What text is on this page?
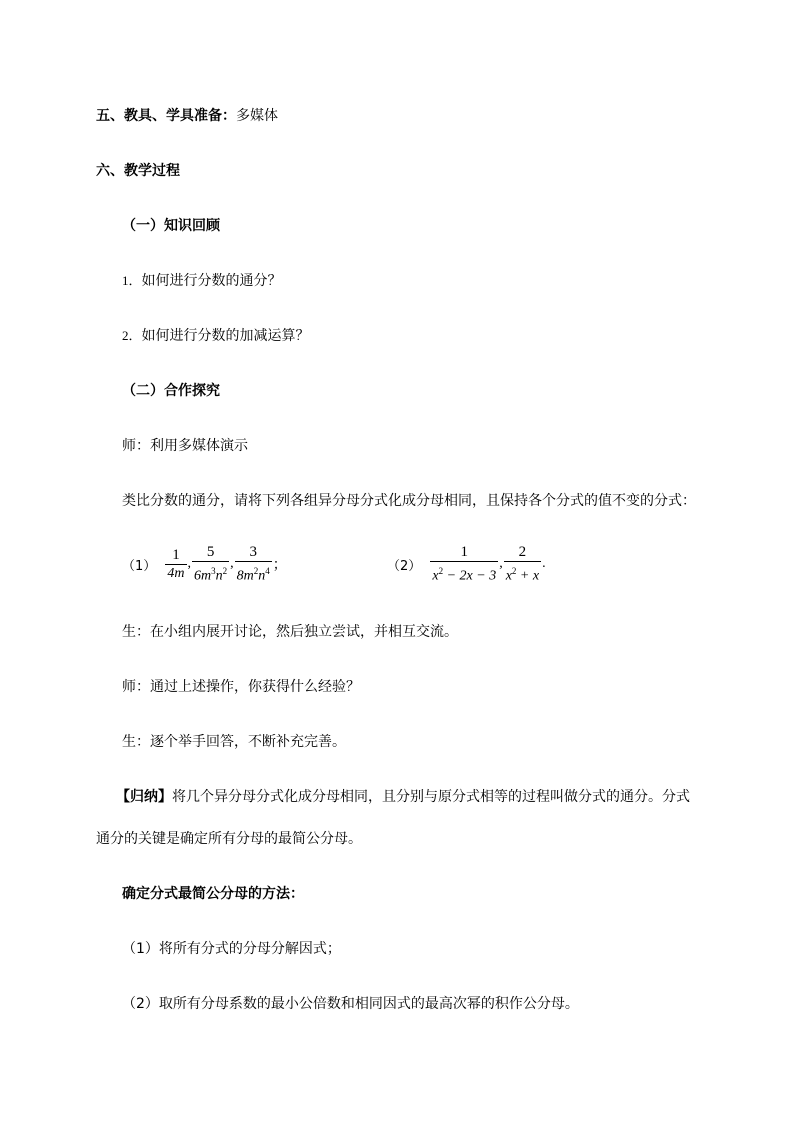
五、教具、学具准备：多媒体
六、教学过程
（一）知识回顾
1．如何进行分数的通分？
2．如何进行分数的加减运算？
（二）合作探究
师：利用多媒体演示
类比分数的通分，请将下列各组异分母分式化成分母相同，且保持各个分式的值不变的分式：
$(1) \frac{1}{4m}$ , $\frac{5}{6m^3n^2}$ , $\frac{3}{8m^2n^4}$ ；	$(2) \frac{1}{x^2 - 2x - 3}$ , $\frac{2}{x^2 + x}$ .
生：在小组内展开讨论，然后独立尝试，并相互交流。
师：通过上述操作，你获得什么经验？
生：逐个举手回答，不断补充完善。
【归纳】将几个异分母分式化成分母相同，且分别与原分式相等的过程叫做分式的通分。分式
通分的关键是确定所有分母的最简公分母。
确定分式最简公分母的方法：
（1）将所有分式的分母分解因式；
（2）取所有分母系数的最小公倍数和相同因式的最高次幂的积作公分母。
